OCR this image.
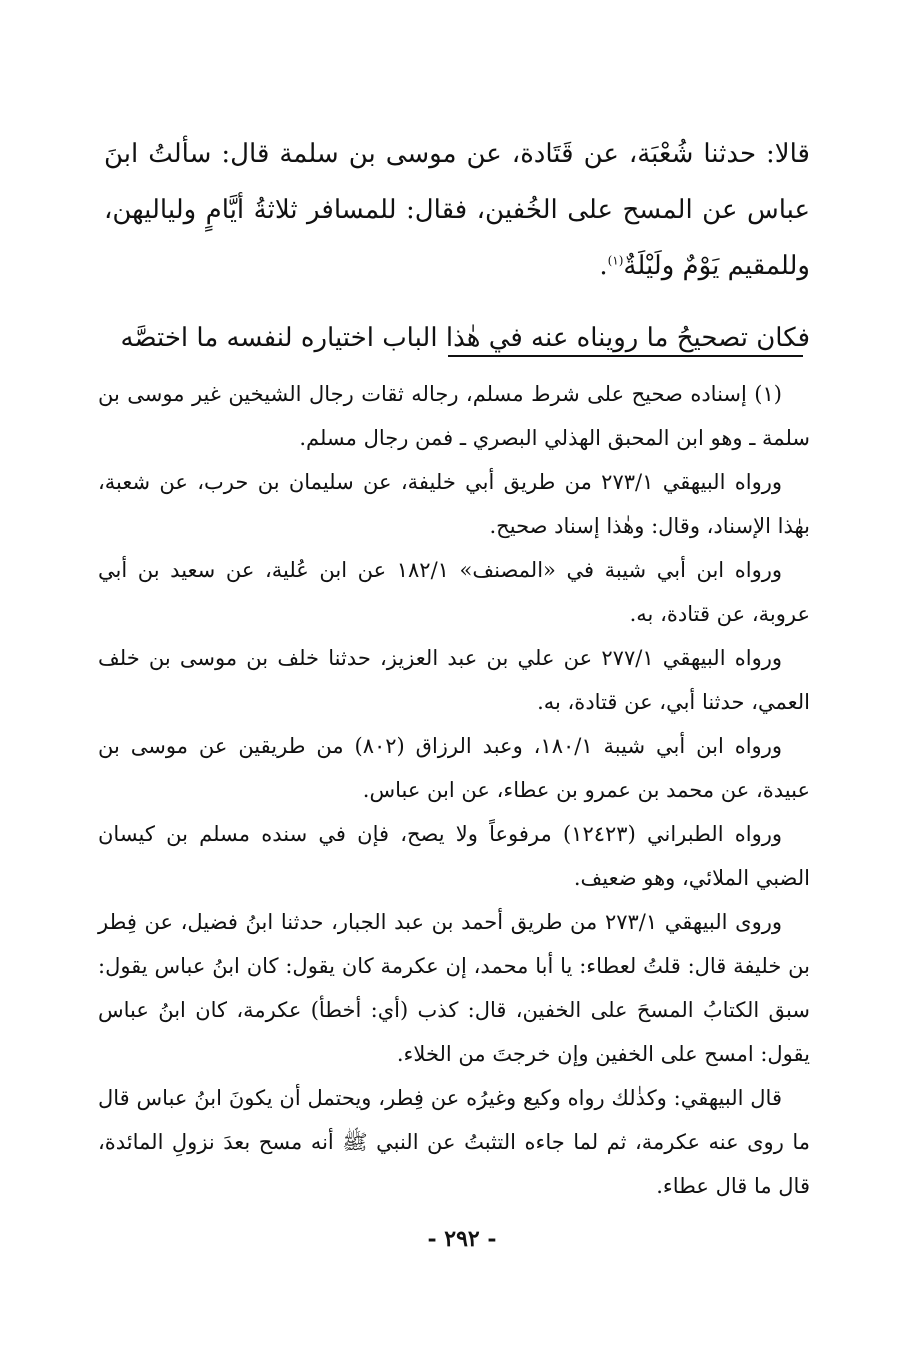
قالا: حدثنا شُعْبَة، عن قَتَادة، عن موسى بن سلمة قال: سألتُ ابنَ عباس عن المسح على الخُفين، فقال: للمسافر ثلاثةُ أيَّامٍ ولياليهن، وللمقيم يَوْمٌ ولَيْلَةٌ$^{(١)}$.

فكان تصحيحُ ما رويناه عنه في هٰذا الباب اختياره لنفسه ما اختصَّه

(١) إسناده صحيح على شرط مسلم، رجاله ثقات رجال الشيخين غير موسى بن سلمة ـ وهو ابن المحبق الهذلي البصري ـ فمن رجال مسلم.

ورواه البيهقي ٢٧٣/١ من طريق أبي خليفة، عن سليمان بن حرب، عن شعبة، بهٰذا الإسناد، وقال: وهٰذا إسناد صحيح.

ورواه ابن أبي شيبة في «المصنف» ١٨٢/١ عن ابن عُلية، عن سعيد بن أبي عروبة، عن قتادة، به.

ورواه البيهقي ٢٧٧/١ عن علي بن عبد العزيز، حدثنا خلف بن موسى بن خلف العمي، حدثنا أبي، عن قتادة، به.

ورواه ابن أبي شيبة ١٨٠/١، وعبد الرزاق (٨٠٢) من طريقين عن موسى بن عبيدة، عن محمد بن عمرو بن عطاء، عن ابن عباس.

ورواه الطبراني (١٢٤٢٣) مرفوعاً ولا يصح، فإن في سنده مسلم بن كيسان الضبي الملائي، وهو ضعيف.

وروى البيهقي ٢٧٣/١ من طريق أحمد بن عبد الجبار، حدثنا ابنُ فضيل، عن فِطر بن خليفة قال: قلتُ لعطاء: يا أبا محمد، إن عكرمة كان يقول: كان ابنُ عباس يقول: سبق الكتابُ المسحَ على الخفين، قال: كذب (أي: أخطأ) عكرمة، كان ابنُ عباس يقول: امسح على الخفين وإن خرجتَ من الخلاء.

قال البيهقي: وكذٰلك رواه وكيع وغيرُه عن فِطر، ويحتمل أن يكونَ ابنُ عباس قال ما روى عنه عكرمة، ثم لما جاءه التثبتُ عن النبي ﷺ أنه مسح بعدَ نزولِ المائدة، قال ما قال عطاء.

- ٢٩٢ -
